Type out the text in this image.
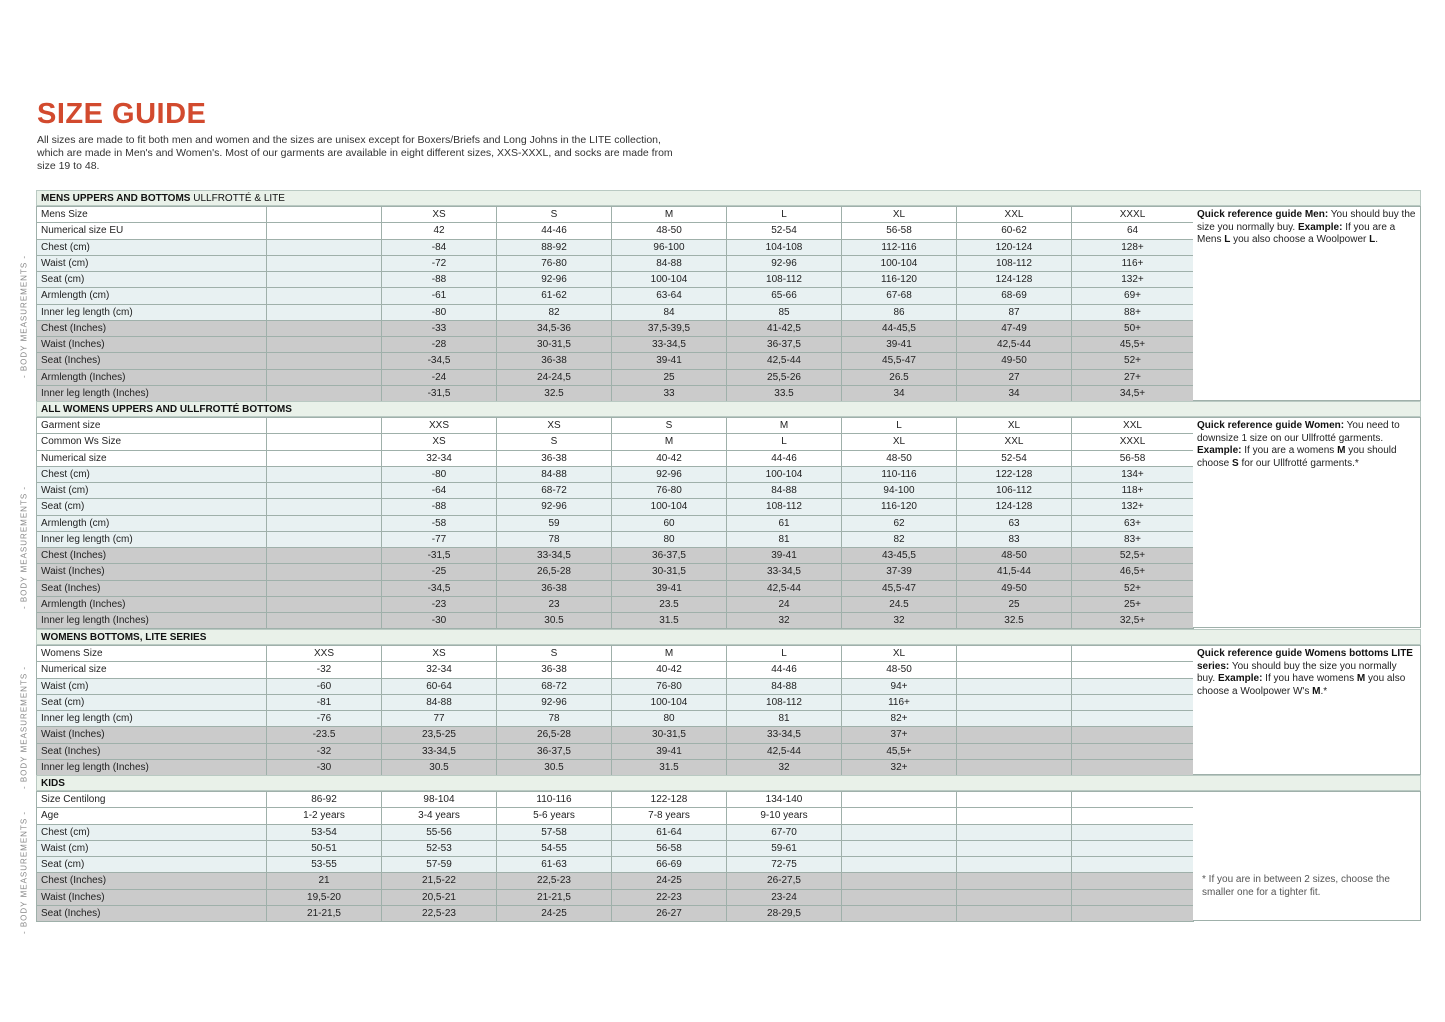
SIZE GUIDE

All sizes are made to fit both men and women and the sizes are unisex except for Boxers/Briefs and Long Johns in the LITE collection, which are made in Men's and Women's. Most of our garments are available in eight different sizes, XXS-XXXL, and socks are made from size 19 to 48.

- BODY MEASUREMENTS -
- BODY MEASUREMENTS -
- BODY MEASUREMENTS -
- BODY MEASUREMENTS -
MENS UPPERS AND BOTTOMS ULLFROTTÉ & LITE
Mens Size		XS	S	M	L	XL	XXL	XXXL
Numerical size EU		42	44-46	48-50	52-54	56-58	60-62	64
Chest (cm)		-84	88-92	96-100	104-108	112-116	120-124	128+
Waist (cm)		-72	76-80	84-88	92-96	100-104	108-112	116+
Seat (cm)		-88	92-96	100-104	108-112	116-120	124-128	132+
Armlength (cm)		-61	61-62	63-64	65-66	67-68	68-69	69+
Inner leg length (cm)		-80	82	84	85	86	87	88+
Chest (Inches)		-33	34,5-36	37,5-39,5	41-42,5	44-45,5	47-49	50+
Waist (Inches)		-28	30-31,5	33-34,5	36-37,5	39-41	42,5-44	45,5+
Seat (Inches)		-34,5	36-38	39-41	42,5-44	45,5-47	49-50	52+
Armlength (Inches)		-24	24-24,5	25	25,5-26	26.5	27	27+
Inner leg length (Inches)		-31,5	32.5	33	33.5	34	34	34,5+
Quick reference guide Men: You should buy the size you normally buy. Example: If you are a Mens L you also choose a Woolpower L.
ALL WOMENS UPPERS AND ULLFROTTÉ BOTTOMS
Garment size		XXS	XS	S	M	L	XL	XXL
Common Ws Size		XS	S	M	L	XL	XXL	XXXL
Numerical size		32-34	36-38	40-42	44-46	48-50	52-54	56-58
Chest (cm)		-80	84-88	92-96	100-104	110-116	122-128	134+
Waist (cm)		-64	68-72	76-80	84-88	94-100	106-112	118+
Seat (cm)		-88	92-96	100-104	108-112	116-120	124-128	132+
Armlength (cm)		-58	59	60	61	62	63	63+
Inner leg length (cm)		-77	78	80	81	82	83	83+
Chest (Inches)		-31,5	33-34,5	36-37,5	39-41	43-45,5	48-50	52,5+
Waist (Inches)		-25	26,5-28	30-31,5	33-34,5	37-39	41,5-44	46,5+
Seat (Inches)		-34,5	36-38	39-41	42,5-44	45,5-47	49-50	52+
Armlength (Inches)		-23	23	23.5	24	24.5	25	25+
Inner leg length (Inches)		-30	30.5	31.5	32	32	32.5	32,5+
Quick reference guide Women: You need to downsize 1 size on our Ullfrotté garments. Example: If you are a womens M you should choose S for our Ullfrotté garments.*
WOMENS BOTTOMS, LITE SERIES
Womens Size	XXS	XS	S	M	L	XL		
Numerical size	-32	32-34	36-38	40-42	44-46	48-50		
Waist (cm)	-60	60-64	68-72	76-80	84-88	94+		
Seat (cm)	-81	84-88	92-96	100-104	108-112	116+		
Inner leg length (cm)	-76	77	78	80	81	82+		
Waist (Inches)	-23.5	23,5-25	26,5-28	30-31,5	33-34,5	37+		
Seat (Inches)	-32	33-34,5	36-37,5	39-41	42,5-44	45,5+		
Inner leg length (Inches)	-30	30.5	30.5	31.5	32	32+		
Quick reference guide Womens bottoms LITE series: You should buy the size you normally buy. Example: If you have womens M you also choose a Woolpower W's M.*
KIDS
Size Centilong	86-92	98-104	110-116	122-128	134-140			
Age	1-2 years	3-4 years	5-6 years	7-8 years	9-10 years			
Chest (cm)	53-54	55-56	57-58	61-64	67-70			
Waist (cm)	50-51	52-53	54-55	56-58	59-61			
Seat (cm)	53-55	57-59	61-63	66-69	72-75			
Chest (Inches)	21	21,5-22	22,5-23	24-25	26-27,5			
Waist (Inches)	19,5-20	20,5-21	21-21,5	22-23	23-24			
Seat (Inches)	21-21,5	22,5-23	24-25	26-27	28-29,5			
* If you are in between 2 sizes, choose the smaller one for a tighter fit.
